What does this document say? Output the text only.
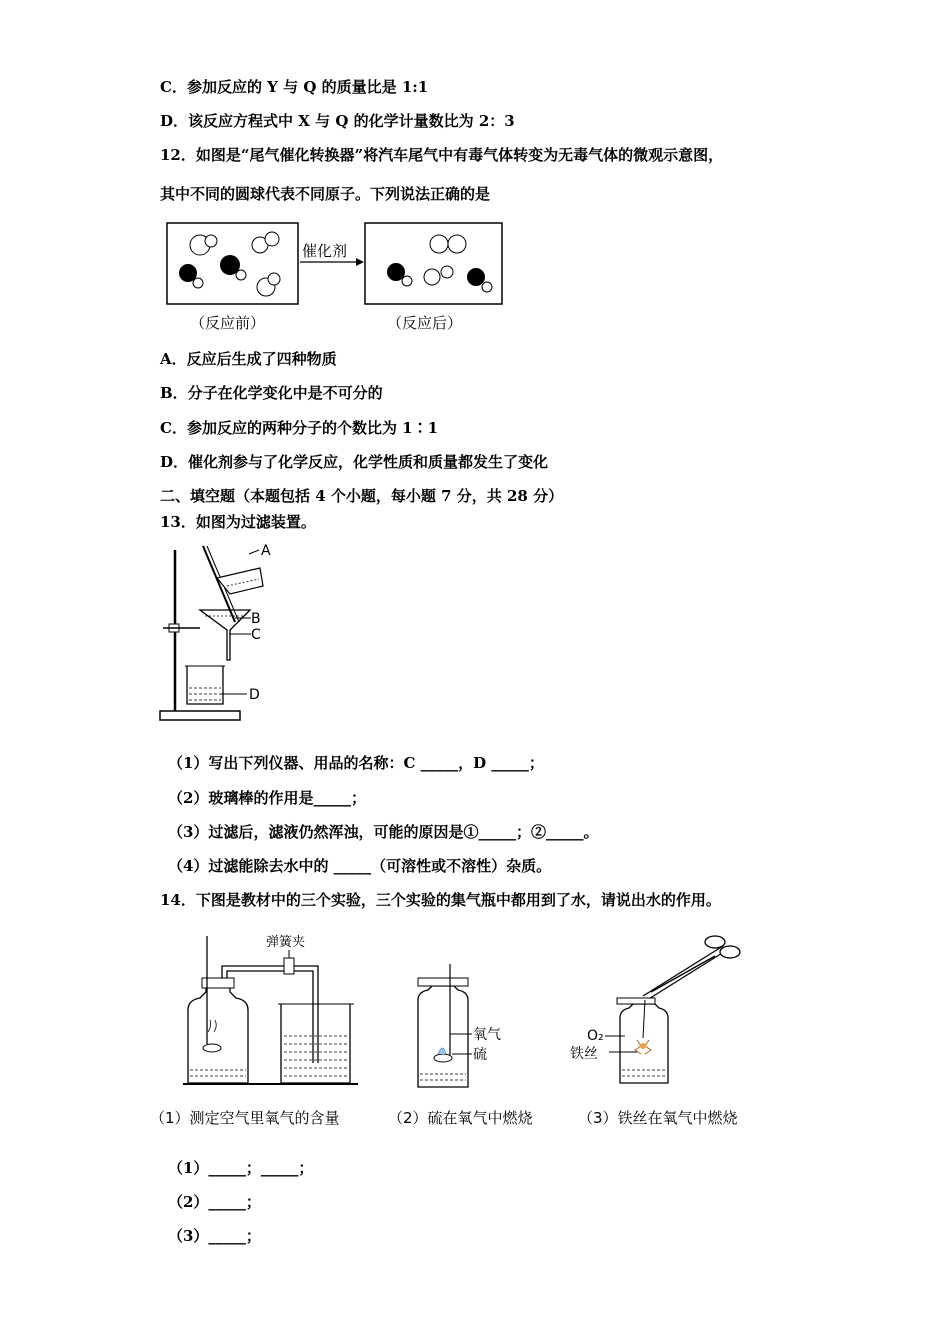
C．参加反应的 Y 与 Q 的质量比是 1:1
D．该反应方程式中 X 与 Q 的化学计量数比为 2：3
12．如图是“尾气催化转换器”将汽车尾气中有毒气体转变为无毒气体的微观示意图，
其中不同的圆球代表不同原子。下列说法正确的是
催化剂
（反应前）	（反应后）
A．反应后生成了四种物质
B．分子在化学变化中是不可分的
C．参加反应的两种分子的个数比为 1∶1
D．催化剂参与了化学反应，化学性质和质量都发生了变化
二、填空题（本题包括 4 个小题，每小题 7 分，共 28 分）
13．如图为过滤装置。
A
B
C
D
（1）写出下列仪器、用品的名称：C _____，D _____；
（2）玻璃棒的作用是_____；
（3）过滤后，滤液仍然浑浊，可能的原因是①_____；②_____。
（4）过滤能除去水中的 _____（可溶性或不溶性）杂质。
14．下图是教材中的三个实验，三个实验的集气瓶中都用到了水，请说出水的作用。
弹簧夹
氧气
硫
O₂
铁丝
（1）测定空气里氧气的含量	（2）硫在氧气中燃烧	（3）铁丝在氧气中燃烧
（1）_____；_____；
（2）_____；
（3）_____；
